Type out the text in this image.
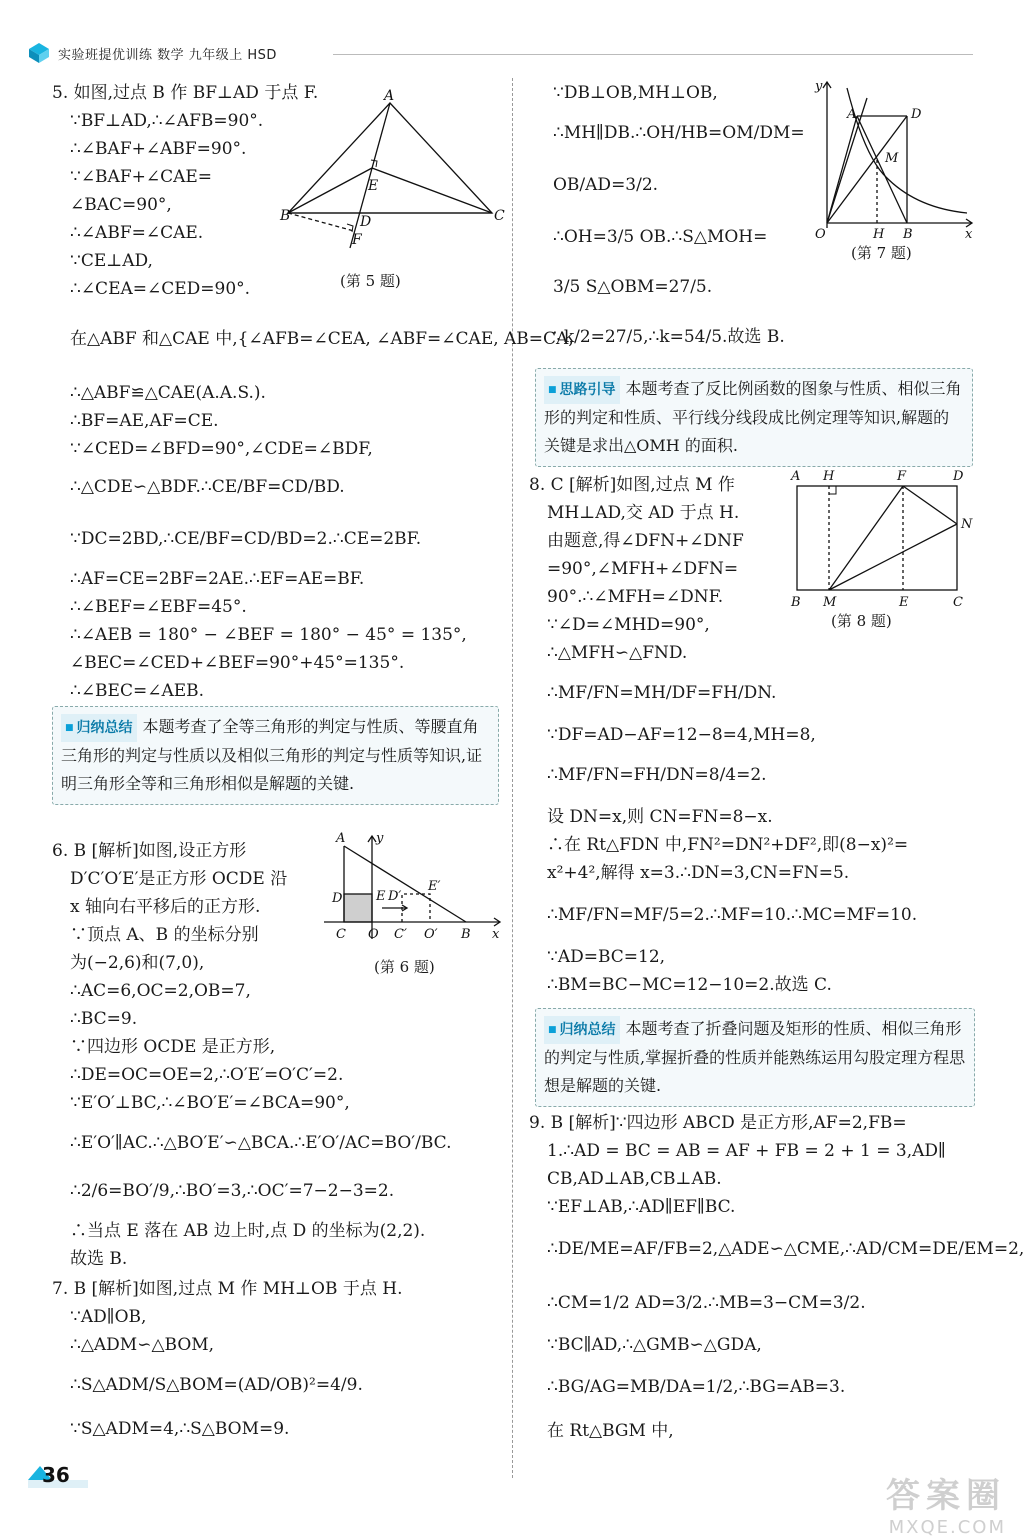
实验班提优训练 数学 九年级上 HSD
5. 如图,过点 B 作 BF⊥AD 于点 F.
∵BF⊥AD,∴∠AFB=90°.
∴∠BAF+∠ABF=90°.
∵∠BAF+∠CAE=
∠BAC=90°,
∴∠ABF=∠CAE.
∵CE⊥AD,
∴∠CEA=∠CED=90°.
在△ABF 和△CAE 中,{∠AFB=∠CEA, ∠ABF=∠CAE, AB=CA,
∴△ABF≌△CAE(A.A.S.).
∴BF=AE,AF=CE.
∵∠CED=∠BFD=90°,∠CDE=∠BDF,
∴△CDE∽△BDF.∴CE/BF=CD/BD.
∵DC=2BD,∴CE/BF=CD/BD=2.∴CE=2BF.
∴AF=CE=2BF=2AE.∴EF=AE=BF.
∴∠BEF=∠EBF=45°.
∴∠AEB = 180° − ∠BEF = 180° − 45° = 135°,
∠BEC=∠CED+∠BEF=90°+45°=135°.
∴∠BEC=∠AEB.
A
B	C
E
D
F
(第 5 题)
■ 归纳总结 本题考查了全等三角形的判定与性质、等腰直角三角形的判定与性质以及相似三角形的判定与性质等知识,证明三角形全等和三角形相似是解题的关键.
6. B [解析]如图,设正方形
D′C′O′E′是正方形 OCDE 沿
x 轴向右平移后的正方形.
∵顶点 A、B 的坐标分别
为(−2,6)和(7,0),
∴AC=6,OC=2,OB=7,
∴BC=9.
∵四边形 OCDE 是正方形,
∴DE=OC=OE=2,∴O′E′=O′C′=2.
∵E′O′⊥BC,∴∠BO′E′=∠BCA=90°,
∴E′O′∥AC.∴△BO′E′∽△BCA.∴E′O′/AC=BO′/BC.
∴2/6=BO′/9,∴BO′=3,∴OC′=7−2−3=2.
∴当点 E 落在 AB 边上时,点 D 的坐标为(2,2).
故选 B.
A y
D	E D′
E′
C O C′ O′ B x
(第 6 题)
7. B [解析]如图,过点 M 作 MH⊥OB 于点 H.
∵AD∥OB,
∴△ADM∽△BOM,
∴S△ADM/S△BOM=(AD/OB)²=4/9.
∵S△ADM=4,∴S△BOM=9.
∵DB⊥OB,MH⊥OB,
∴MH∥DB.∴OH/HB=OM/DM=
OB/AD=3/2.
∴OH=3/5 OB.∴S△MOH=
3/5 S△OBM=27/5.
∵k/2=27/5,∴k=54/5.故选 B.
y
A	D
M
O	H B	x
(第 7 题)
■ 思路引导 本题考查了反比例函数的图象与性质、相似三角形的判定和性质、平行线分线段成比例定理等知识,解题的关键是求出△OMH 的面积.
8. C [解析]如图,过点 M 作
MH⊥AD,交 AD 于点 H.
由题意,得∠DFN+∠DNF
=90°,∠MFH+∠DFN=
90°.∴∠MFH=∠DNF.
∵∠D=∠MHD=90°,
∴△MFH∽△FND.
∴MF/FN=MH/DF=FH/DN.
∵DF=AD−AF=12−8=4,MH=8,
∴MF/FN=FH/DN=8/4=2.
设 DN=x,则 CN=FN=8−x.
∴在 Rt△FDN 中,FN²=DN²+DF²,即(8−x)²=
x²+4²,解得 x=3.∴DN=3,CN=FN=5.
∴MF/FN=MF/5=2.∴MF=10.∴MC=MF=10.
∵AD=BC=12,
∴BM=BC−MC=12−10=2.故选 C.
A H	F	D
N
B M	E	C
(第 8 题)
■ 归纳总结 本题考查了折叠问题及矩形的性质、相似三角形的判定与性质,掌握折叠的性质并能熟练运用勾股定理方程思想是解题的关键.
9. B [解析]∵四边形 ABCD 是正方形,AF=2,FB=
1.∴AD = BC = AB = AF + FB = 2 + 1 = 3,AD∥
CB,AD⊥AB,CB⊥AB.
∵EF⊥AB,∴AD∥EF∥BC.
∴DE/ME=AF/FB=2,△ADE∽△CME,∴AD/CM=DE/EM=2,
∴CM=1/2 AD=3/2.∴MB=3−CM=3/2.
∵BC∥AD,∴△GMB∽△GDA,
∴BG/AG=MB/DA=1/2,∴BG=AB=3.
在 Rt△BGM 中,
36
答案圈
MXQE.COM
